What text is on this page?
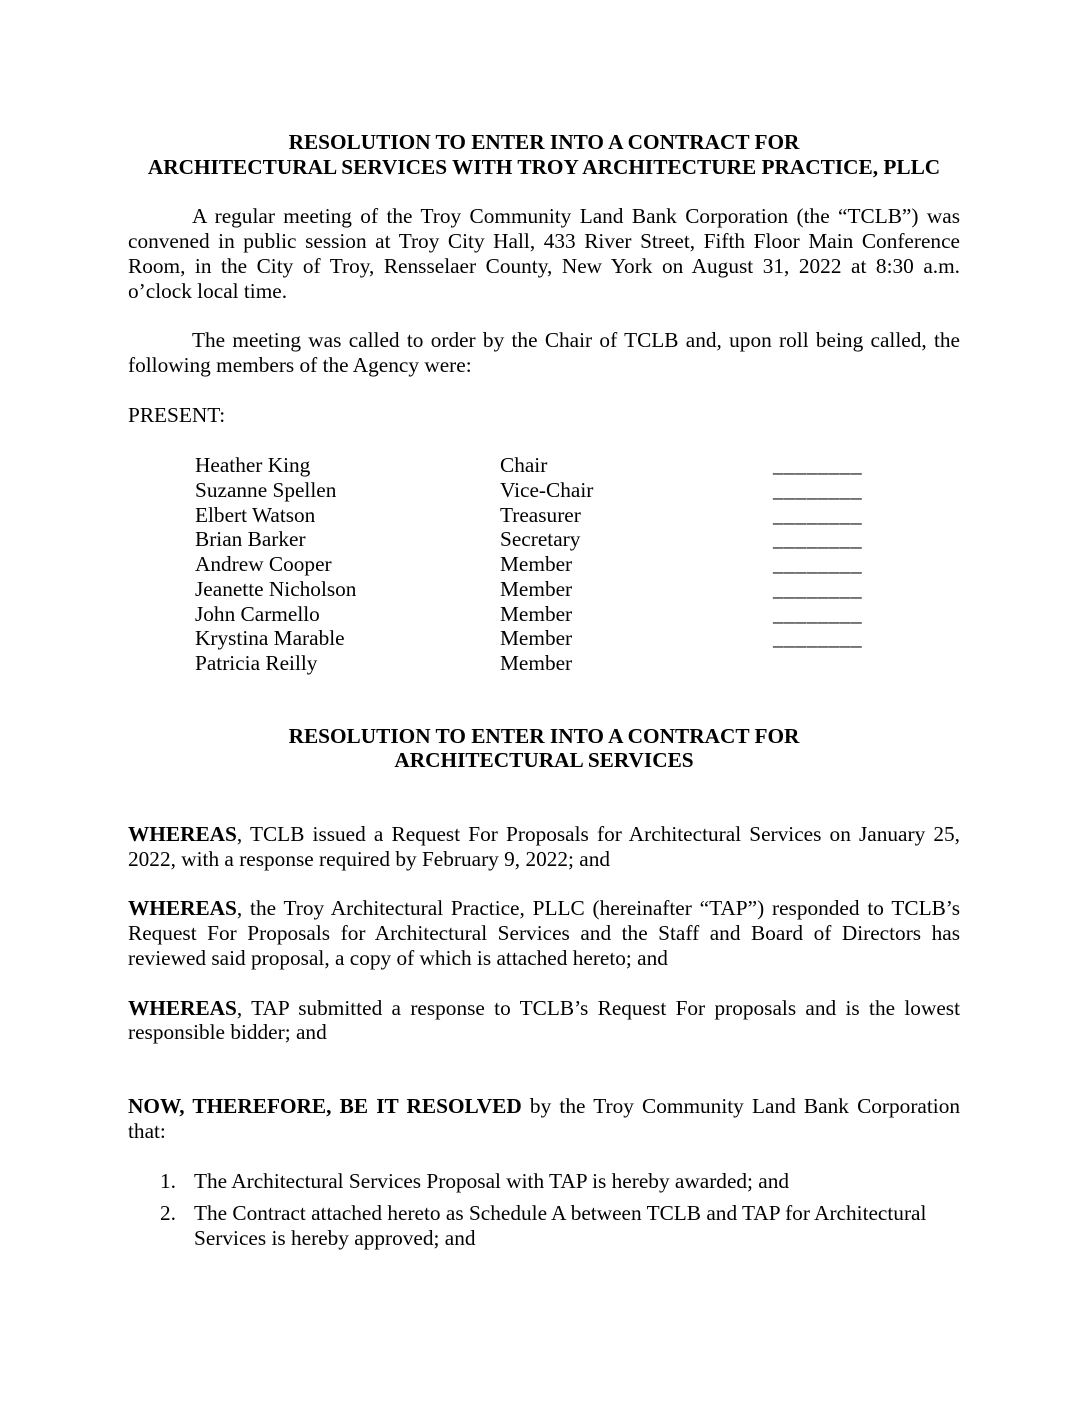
RESOLUTION TO ENTER INTO A CONTRACT FOR
ARCHITECTURAL SERVICES WITH TROY ARCHITECTURE PRACTICE, PLLC

A regular meeting of the Troy Community Land Bank Corporation (the “TCLB”) was convened in public session at Troy City Hall, 433 River Street, Fifth Floor Main Conference Room, in the City of Troy, Rensselaer County, New York on August 31, 2022 at 8:30 a.m. o’clock local time.

The meeting was called to order by the Chair of TCLB and, upon roll being called, the following members of the Agency were:

PRESENT:
Heather King	Chair	________
Suzanne Spellen	Vice-Chair	________
Elbert Watson	Treasurer	________
Brian Barker	Secretary	________
Andrew Cooper	Member	________
Jeanette Nicholson	Member	________
John Carmello	Member	________
Krystina Marable	Member	________
Patricia Reilly	Member
RESOLUTION TO ENTER INTO A CONTRACT FOR
ARCHITECTURAL SERVICES

WHEREAS, TCLB issued a Request For Proposals for Architectural Services on January 25, 2022, with a response required by February 9, 2022; and

WHEREAS, the Troy Architectural Practice, PLLC (hereinafter “TAP”) responded to TCLB’s Request For Proposals for Architectural Services and the Staff and Board of Directors has reviewed said proposal, a copy of which is attached hereto; and

WHEREAS, TAP submitted a response to TCLB’s Request For proposals and is the lowest responsible bidder; and

NOW, THEREFORE, BE IT RESOLVED by the Troy Community Land Bank Corporation that:

1. The Architectural Services Proposal with TAP is hereby awarded; and
2. The Contract attached hereto as Schedule A between TCLB and TAP for Architectural Services is hereby approved; and
